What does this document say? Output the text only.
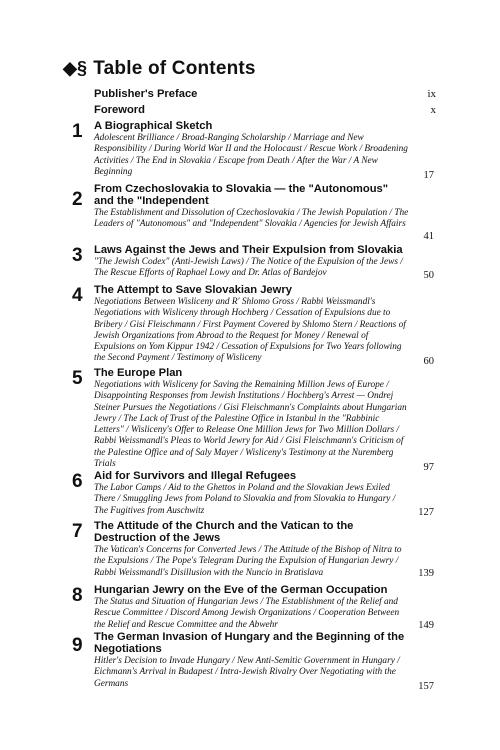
◆§ Table of Contents
Publisher's Preface	ix
Foreword	x
1 A Biographical Sketch
Adolescent Brilliance / Broad-Ranging Scholarship / Marriage and New Responsibility / During World War II and the Holocaust / Rescue Work / Broadening Activities / The End in Slovakia / Escape from Death / After the War / A New Beginning	17
2 From Czechoslovakia to Slovakia — the "Autonomous" and the "Independent
The Establishment and Dissolution of Czechoslovakia / The Jewish Population / The Leaders of "Autonomous" and "Independent" Slovakia / Agencies for Jewish Affairs
41
3 Laws Against the Jews and Their Expulsion from Slovakia
"The Jewish Codex" (Anti-Jewish Laws) / The Notice of the Expulsion of the Jews / The Rescue Efforts of Raphael Lowy and Dr. Atlas of Bardejov	50
4 The Attempt to Save Slovakian Jewry
Negotiations Between Wisliceny and R' Shlomo Gross / Rabbi Weissmandl's Negotiations with Wisliceny through Hochberg / Cessation of Expulsions due to Bribery / Gisi Fleischmann / First Payment Covered by Shlomo Stern / Reactions of Jewish Organizations from Abroad to the Request for Money / Renewal of Expulsions on Yom Kippur 1942 / Cessation of Expulsions for Two Years following the Second Payment / Testimony of Wisliceny	60
5 The Europe Plan
Negotiations with Wisliceny for Saving the Remaining Million Jews of Europe / Disappointing Responses from Jewish Institutions / Hochberg's Arrest — Ondrej Steiner Pursues the Negotiations / Gisi Fleischmann's Complaints about Hungarian Jewry / The Lack of Trust of the Palestine Office in Istanbul in the "Rabbinic Letters" / Wisliceny's Offer to Release One Million Jews for Two Million Dollars / Rabbi Weissmandl's Pleas to World Jewry for Aid / Gisi Fleischmann's Criticism of the Palestine Office and of Saly Mayer / Wisliceny's Testimony at the Nuremberg Trials	97
6 Aid for Survivors and Illegal Refugees
The Labor Camps / Aid to the Ghettos in Poland and the Slovakian Jews Exiled There / Smuggling Jews from Poland to Slovakia and from Slovakia to Hungary / The Fugitives from Auschwitz	127
7 The Attitude of the Church and the Vatican to the Destruction of the Jews
The Vatican's Concerns for Converted Jews / The Attitude of the Bishop of Nitra to the Expulsions / The Pope's Telegram During the Expulsion of Hungarian Jewry / Rabbi Weissmandl's Disillusion with the Nuncio in Bratislava	139
8 Hungarian Jewry on the Eve of the German Occupation
The Status and Situation of Hungarian Jews / The Establishment of the Relief and Rescue Committee / Discord Among Jewish Organizations / Cooperation Between the Relief and Rescue Committee and the Abwehr	149
9 The German Invasion of Hungary and the Beginning of the Negotiations
Hitler's Decision to Invade Hungary / New Anti-Semitic Government in Hungary / Eichmann's Arrival in Budapest / Intra-Jewish Rivalry Over Negotiating with the Germans	157
